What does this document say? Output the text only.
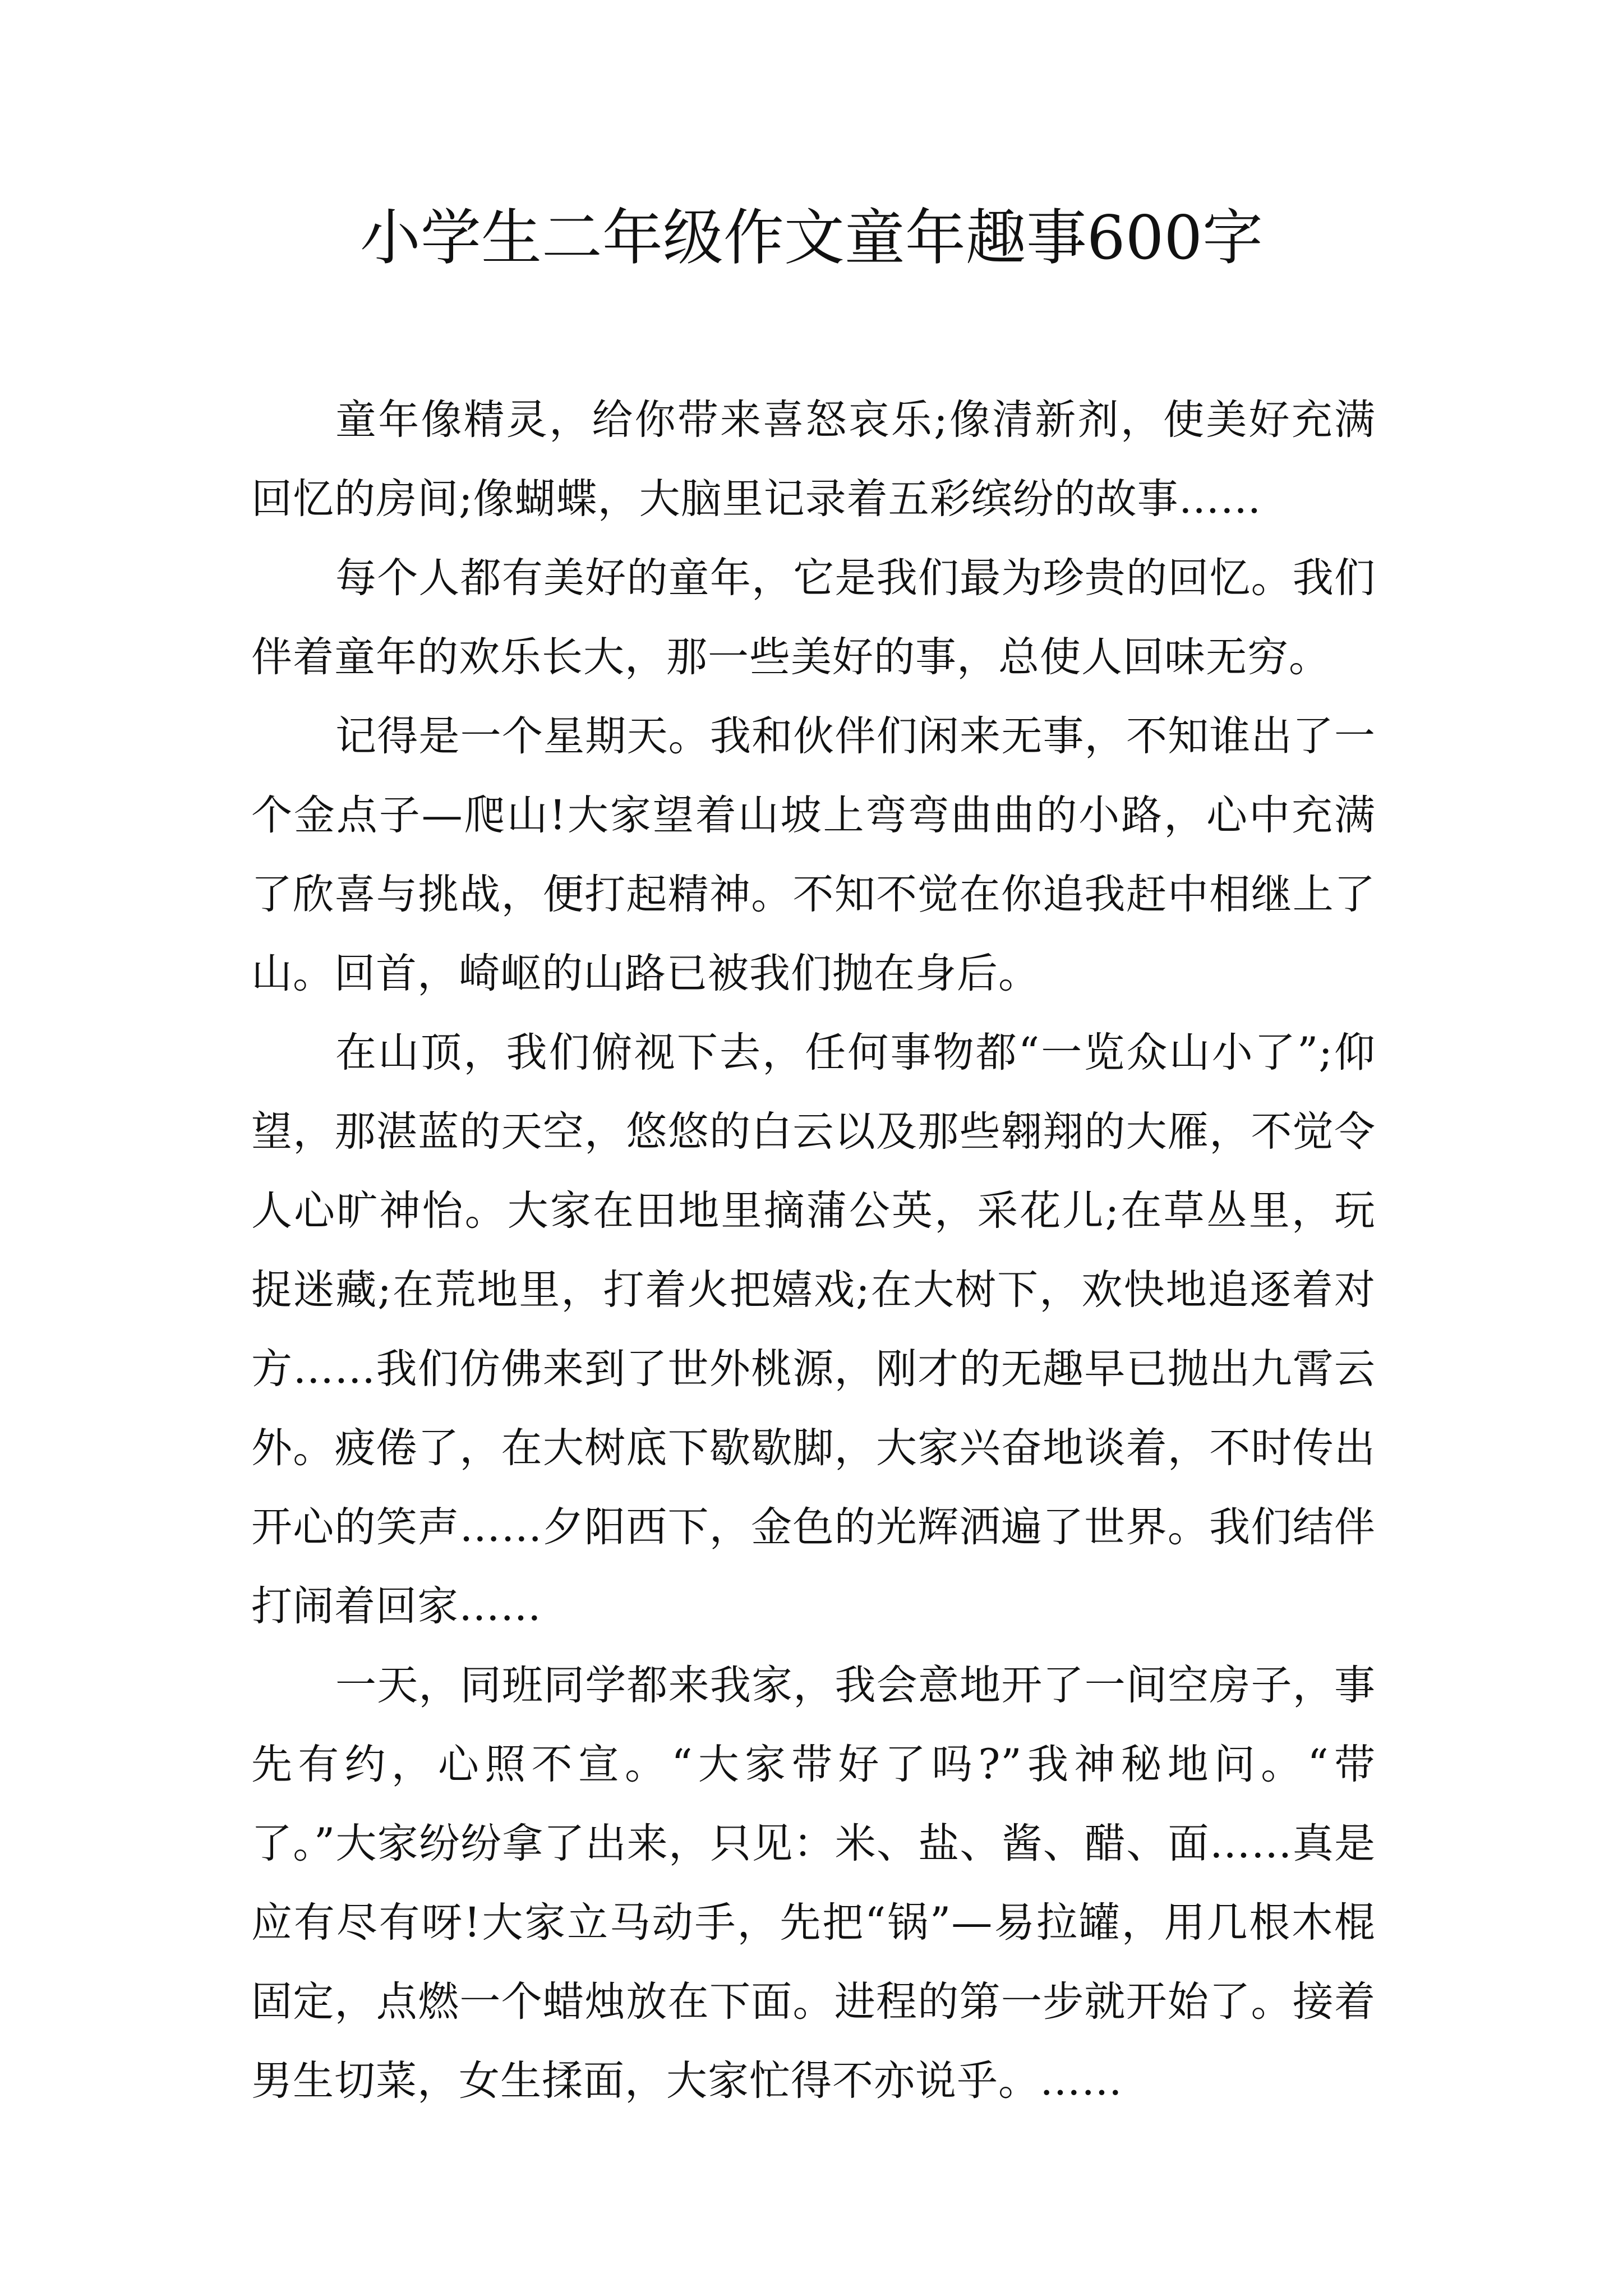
小学生二年级作文童年趣事600字

童年像精灵，给你带来喜怒哀乐;像清新剂，使美好充满回忆的房间;像蝴蝶，大脑里记录着五彩缤纷的故事……

每个人都有美好的童年，它是我们最为珍贵的回忆。我们伴着童年的欢乐长大，那一些美好的事，总使人回味无穷。

记得是一个星期天。我和伙伴们闲来无事，不知谁出了一个金点子—爬山!大家望着山坡上弯弯曲曲的小路，心中充满了欣喜与挑战，便打起精神。不知不觉在你追我赶中相继上了山。回首，崎岖的山路已被我们抛在身后。

在山顶，我们俯视下去，任何事物都“一览众山小了”;仰望，那湛蓝的天空，悠悠的白云以及那些翱翔的大雁，不觉令人心旷神怡。大家在田地里摘蒲公英，采花儿;在草丛里，玩捉迷藏;在荒地里，打着火把嬉戏;在大树下，欢快地追逐着对方……我们仿佛来到了世外桃源，刚才的无趣早已抛出九霄云外。疲倦了，在大树底下歇歇脚，大家兴奋地谈着，不时传出开心的笑声……夕阳西下，金色的光辉洒遍了世界。我们结伴打闹着回家……

一天，同班同学都来我家，我会意地开了一间空房子，事先有约，心照不宣。“大家带好了吗?”我神秘地问。“带了。”大家纷纷拿了出来，只见：米、盐、酱、醋、面……真是应有尽有呀!大家立马动手，先把“锅”—易拉罐，用几根木棍固定，点燃一个蜡烛放在下面。进程的第一步就开始了。接着男生切菜，女生揉面，大家忙得不亦说乎。……
